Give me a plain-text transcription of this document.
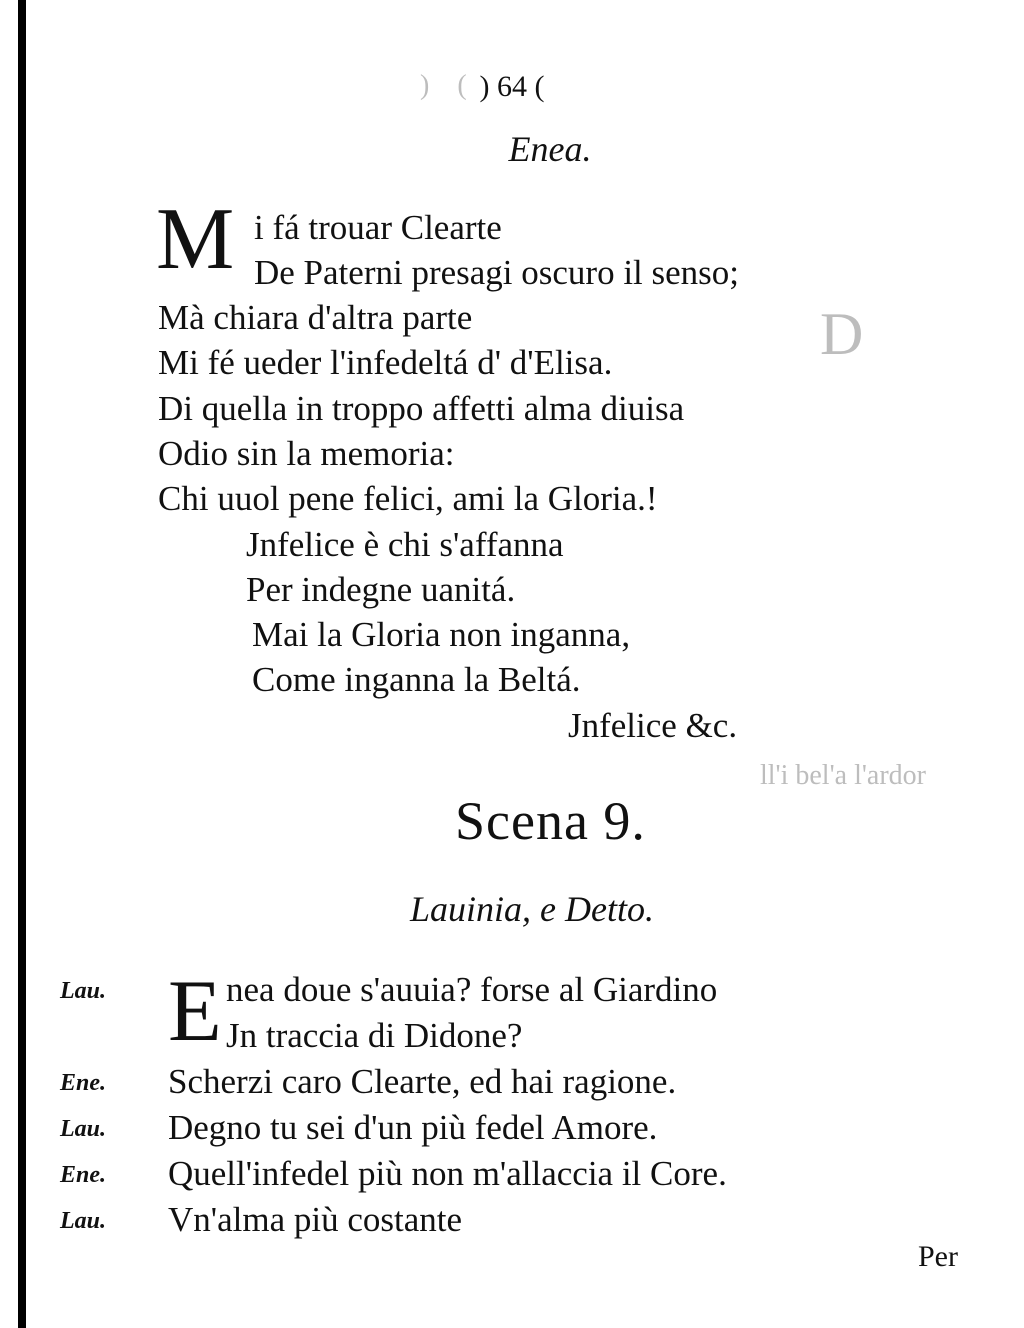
)    (
D
ll'i bel'a l'ardor
) 64 (
Enea.
M i fá trouar Clearte
De Paterni presagi oscuro il senso;
Mà chiara d'altra parte
Mi fé ueder l'infedeltá d' d'Elisa.
Di quella in troppo affetti alma diuisa
Odio sin la memoria:
Chi uuol pene felici, ami la Gloria.!
Jnfelice è chi s'affanna
Per indegne uanitá.
Mai la Gloria non inganna,
Come inganna la Beltá.
Jnfelice &c.
Scena 9.
Lauinia, e Detto.
E
Lau.	nea doue s'auuia? forse al Giardino
Jn traccia di Didone?
Ene. Scherzi caro Clearte, ed hai ragione.
Lau. Degno tu sei d'un più fedel Amore.
Ene. Quell'infedel più non m'allaccia il Core.
Lau. Vn'alma più costante
Per
